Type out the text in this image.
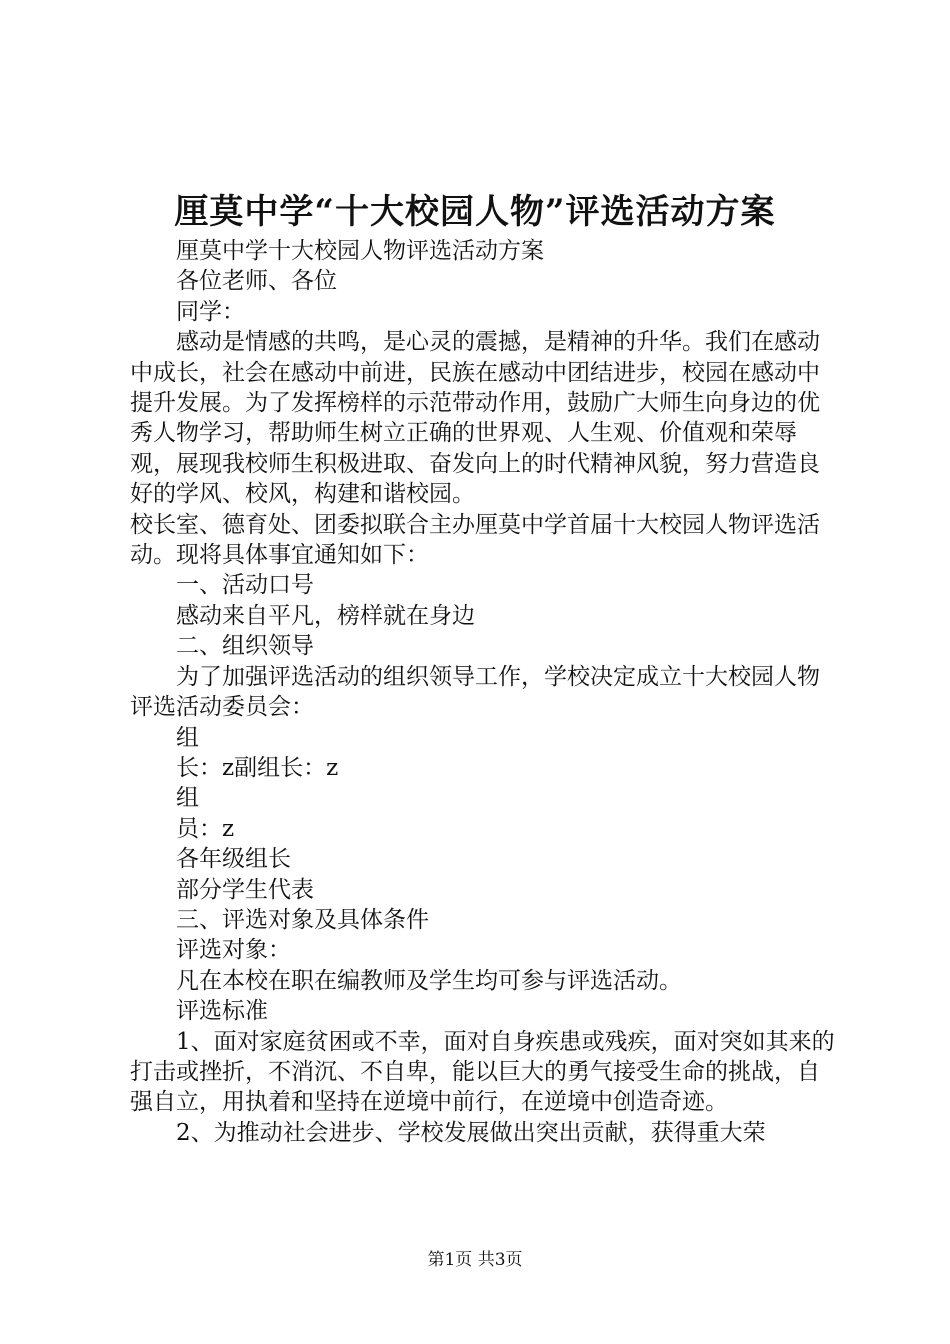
厘莫中学“十大校园人物”评选活动方案

厘莫中学十大校园人物评选活动方案

各位老师、各位

同学：

感动是情感的共鸣，是心灵的震撼，是精神的升华。我们在感动中成长，社会在感动中前进，民族在感动中团结进步，校园在感动中提升发展。为了发挥榜样的示范带动作用，鼓励广大师生向身边的优秀人物学习，帮助师生树立正确的世界观、人生观、价值观和荣辱观，展现我校师生积极进取、奋发向上的时代精神风貌，努力营造良好的学风、校风，构建和谐校园。

校长室、德育处、团委拟联合主办厘莫中学首届十大校园人物评选活动。现将具体事宜通知如下：

一、活动口号

感动来自平凡，榜样就在身边

二、组织领导

为了加强评选活动的组织领导工作，学校决定成立十大校园人物评选活动委员会：

组

长：z副组长：z

组

员：z

各年级组长

部分学生代表

三、评选对象及具体条件

评选对象：

凡在本校在职在编教师及学生均可参与评选活动。

评选标准

1、面对家庭贫困或不幸，面对自身疾患或残疾，面对突如其来的打击或挫折，不消沉、不自卑，能以巨大的勇气接受生命的挑战，自强自立，用执着和坚持在逆境中前行，在逆境中创造奇迹。

2、为推动社会进步、学校发展做出突出贡献，获得重大荣

第1页 共3页
